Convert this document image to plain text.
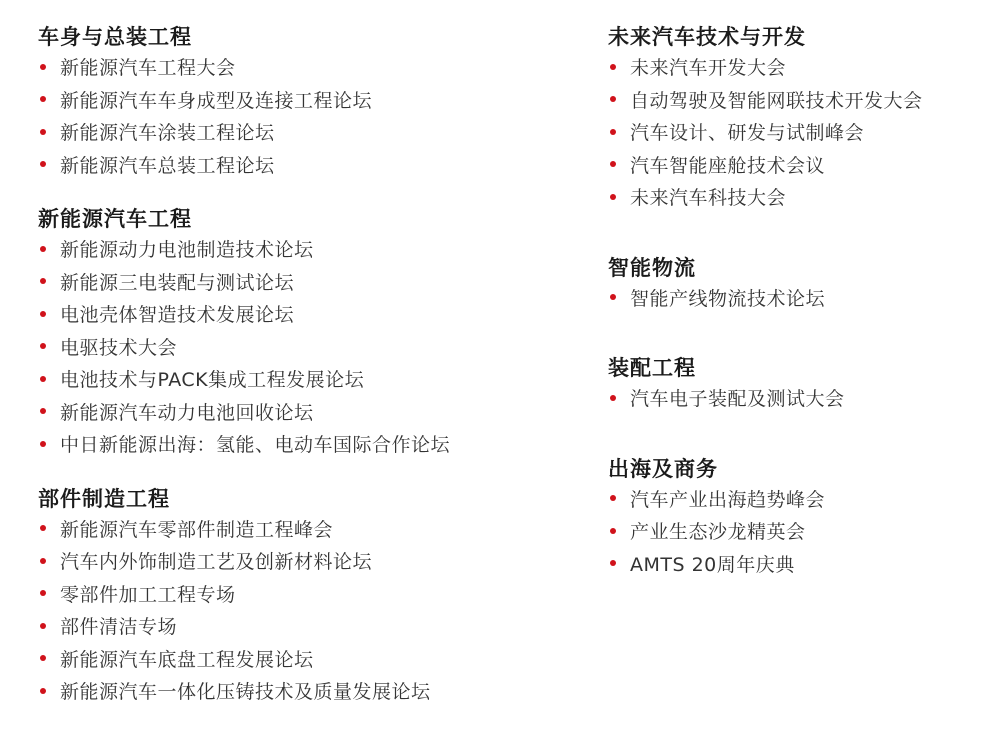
车身与总装工程
新能源汽车工程大会
新能源汽车车身成型及连接工程论坛
新能源汽车涂装工程论坛
新能源汽车总装工程论坛
新能源汽车工程
新能源动力电池制造技术论坛
新能源三电装配与测试论坛
电池壳体智造技术发展论坛
电驱技术大会
电池技术与PACK集成工程发展论坛
新能源汽车动力电池回收论坛
中日新能源出海：氢能、电动车国际合作论坛
部件制造工程
新能源汽车零部件制造工程峰会
汽车内外饰制造工艺及创新材料论坛
零部件加工工程专场
部件清洁专场
新能源汽车底盘工程发展论坛
新能源汽车一体化压铸技术及质量发展论坛
未来汽车技术与开发
未来汽车开发大会
自动驾驶及智能网联技术开发大会
汽车设计、研发与试制峰会
汽车智能座舱技术会议
未来汽车科技大会
智能物流
智能产线物流技术论坛
装配工程
汽车电子装配及测试大会
出海及商务
汽车产业出海趋势峰会
产业生态沙龙精英会
AMTS 20周年庆典
